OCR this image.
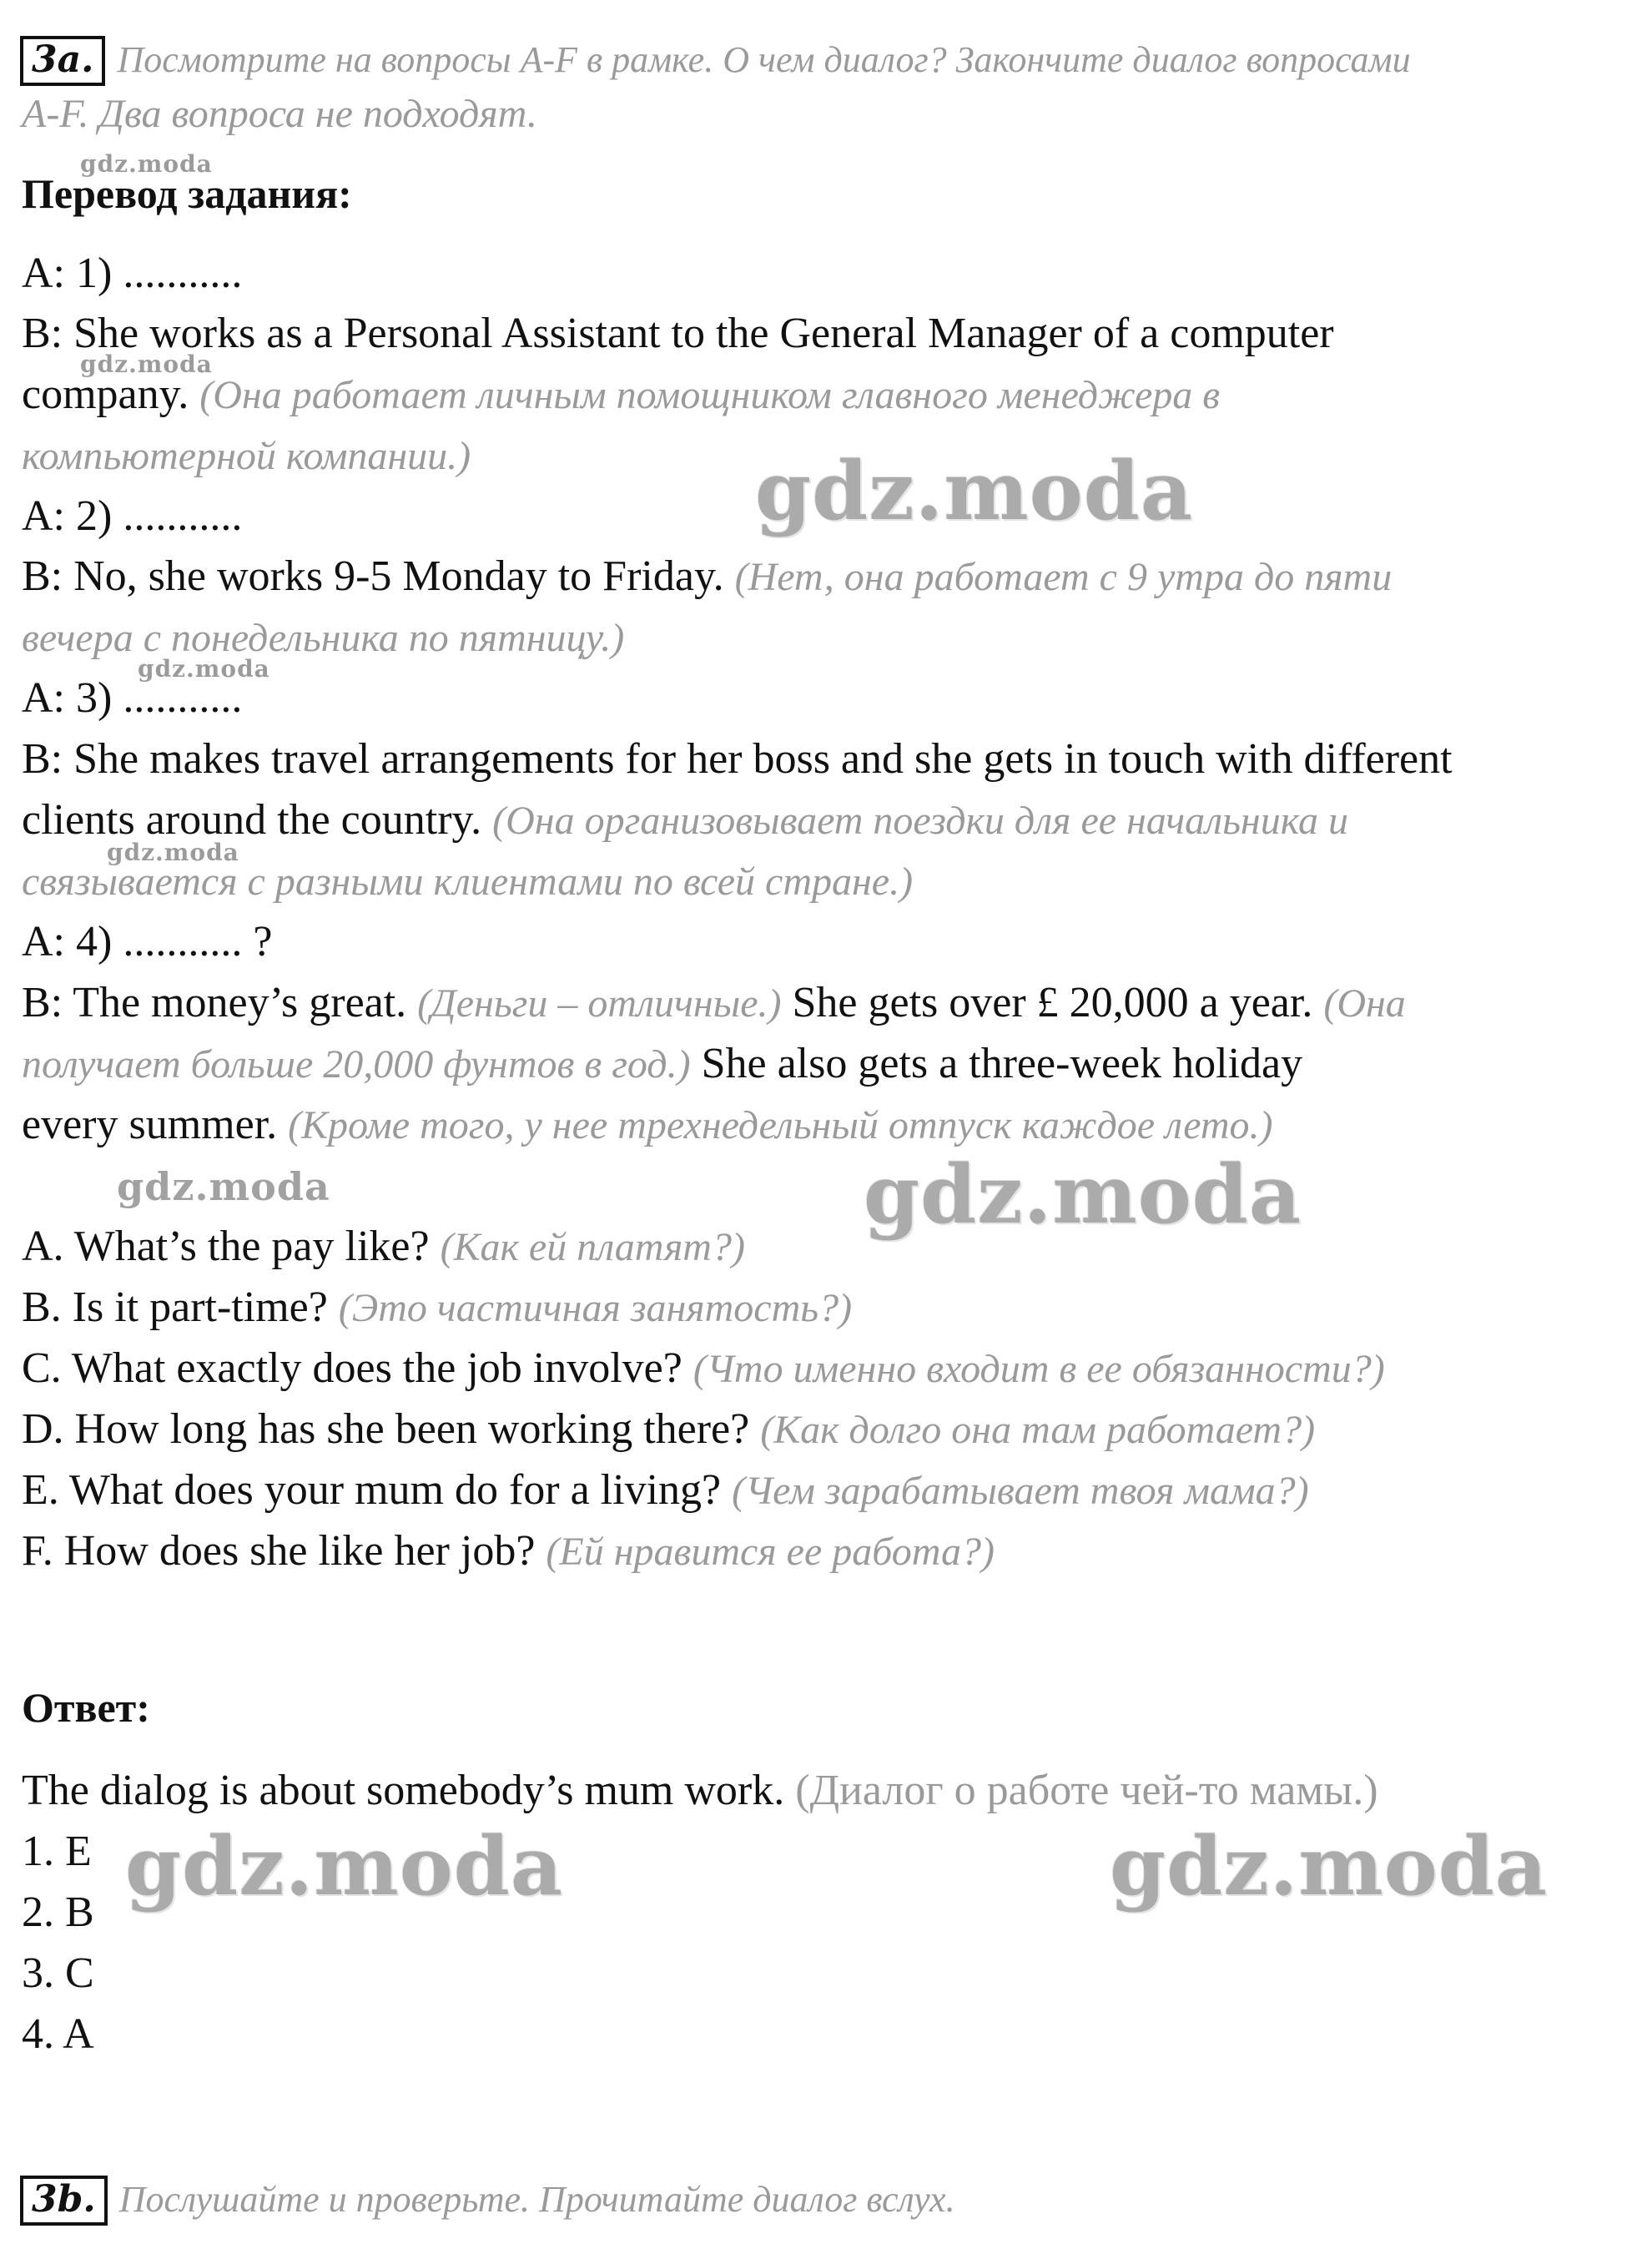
3a. Посмотрите на вопросы A-F в рамке. О чем диалог? Закончите диалог вопросами
A-F. Два вопроса не подходят.
Перевод задания:
A: 1) ...........
B: She works as a Personal Assistant to the General Manager of a computer
company. (Она работает личным помощником главного менеджера в
компьютерной компании.)
A: 2) ...........
B: No, she works 9-5 Monday to Friday. (Нет, она работает с 9 утра до пяти
вечера с понедельника по пятницу.)
A: 3) ...........
B: She makes travel arrangements for her boss and she gets in touch with different
clients around the country. (Она организовывает поездки для ее начальника и
связывается с разными клиентами по всей стране.)
A: 4) ........... ?
B: The money’s great. (Деньги – отличные.) She gets over £ 20,000 a year. (Она
получает больше 20,000 фунтов в год.) She also gets a three-week holiday
every summer. (Кроме того, у нее трехнедельный отпуск каждое лето.)
A. What’s the pay like? (Как ей платят?)
B. Is it part-time? (Это частичная занятость?)
C. What exactly does the job involve? (Что именно входит в ее обязанности?)
D. How long has she been working there? (Как долго она там работает?)
E. What does your mum do for a living? (Чем зарабатывает твоя мама?)
F. How does she like her job? (Ей нравится ее работа?)
Ответ:
The dialog is about somebody’s mum work. (Диалог о работе чей-то мамы.)
1. E
2. B
3. C
4. A
3b. Послушайте и проверьте. Прочитайте диалог вслух.
gdz.moda
gdz.moda
gdz.moda
gdz.moda
gdz.moda
gdz.moda	gdz.moda
gdz.moda	gdz.moda
